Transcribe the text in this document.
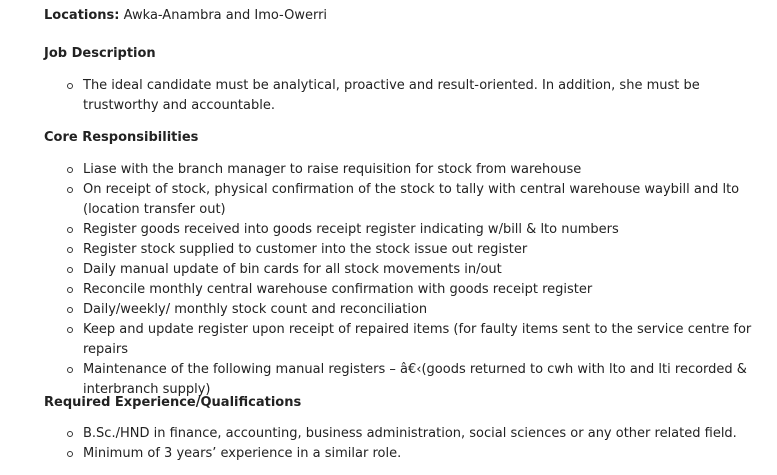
Locations: Awka-Anambra and Imo-Owerri
Job Description
The ideal candidate must be analytical, proactive and result-oriented. In addition, she must be trustworthy and accountable.
Core Responsibilities
Liase with the branch manager to raise requisition for stock from warehouse
On receipt of stock, physical confirmation of the stock to tally with central warehouse waybill and lto (location transfer out)
Register goods received into goods receipt register indicating w/bill & lto numbers
Register stock supplied to customer into the stock issue out register
Daily manual update of bin cards for all stock movements in/out
Reconcile monthly central warehouse confirmation with goods receipt register
Daily/weekly/ monthly stock count and reconciliation
Keep and update register upon receipt of repaired items (for faulty items sent to the service centre for repairs
Maintenance of the following manual registers – â€‹(goods returned to cwh with lto and lti recorded & interbranch supply)
Required Experience/Qualifications
B.Sc./HND in finance, accounting, business administration, social sciences or any other related field.
Minimum of 3 years’ experience in a similar role.
